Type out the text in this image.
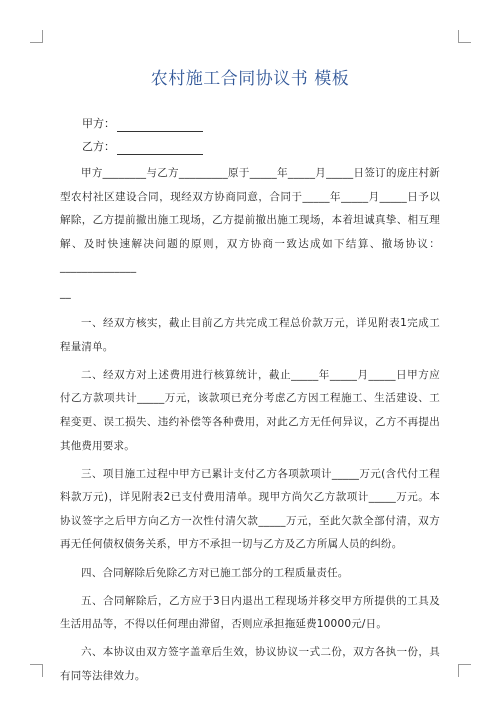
农村施工合同协议书 模板
甲方：
乙方：

甲方________与乙方_________原于_____年_____月_____日签订的庞庄村新型农村社区建设合同，现经双方协商同意，合同于_____年_____月_____日予以解除，乙方提前撤出施工现场，乙方提前撤出施工现场，本着坦诚真挚、相互理解、及时快速解决问题的原则，双方协商一致达成如下结算、撤场协议：______________

__

一、经双方核实，截止目前乙方共完成工程总价款万元，详见附表1完成工程量清单。

二、经双方对上述费用进行核算统计，截止_____年_____月_____日甲方应付乙方款项共计_____万元，该款项已充分考虑乙方因工程施工、生活建设、工程变更、误工损失、违约补偿等各种费用，对此乙方无任何异议，乙方不再提出其他费用要求。

三、项目施工过程中甲方已累计支付乙方各项款项计_____万元(含代付工程料款万元)，详见附表2已支付费用清单。现甲方尚欠乙方款项计_____万元。本协议签字之后甲方向乙方一次性付清欠款_____万元，至此欠款全部付清，双方再无任何债权债务关系，甲方不承担一切与乙方及乙方所属人员的纠纷。

四、合同解除后免除乙方对已施工部分的工程质量责任。

五、合同解除后，乙方应于3日内退出工程现场并移交甲方所提供的工具及生活用品等，不得以任何理由滞留，否则应承担拖延费10000元/日。

六、本协议由双方签字盖章后生效，协议协议一式二份，双方各执一份，具有同等法律效力。
